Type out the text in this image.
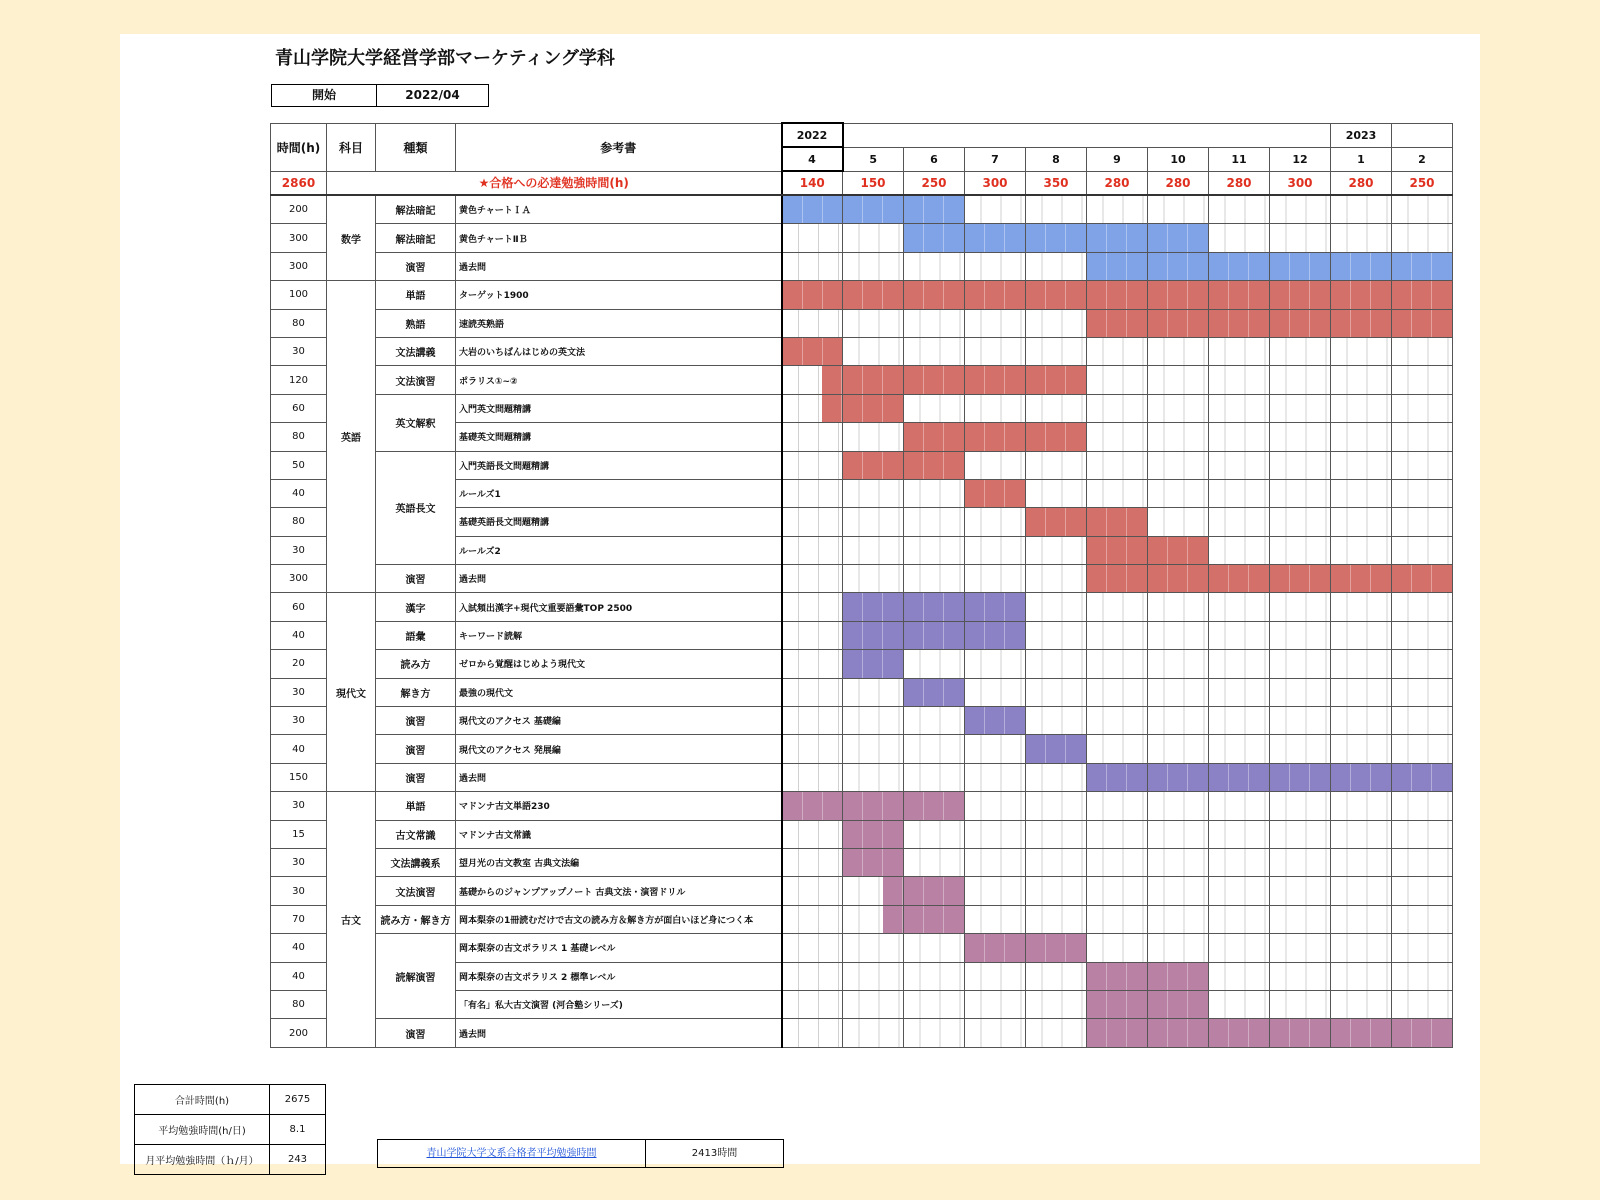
青山学院大学経営学部マーケティング学科
開始	2022/04
時間(h)	科目	種類	参考書	2022									2023	
				4	5	6	7	8	9	10	11	12	1	2
2860	★合格への必達勉強時間(h)			140	150	250	300	350	280	280	280	300	280	250
200	数学	解法暗記	黄色チャートＩＡ	

300		解法暗記	黄色チャートⅡＢ			

300		演習	過去問						

100	英語	単語	ターゲット1900	

80		熟語	速読英熟語						

30		文法講義	大岩のいちばんはじめの英文法	

120		文法演習	ポラリス①~②	

60		英文解釈	入門英文問題精講	

80			基礎英文問題精講			

50		英語長文	入門英語長文問題精講		

40			ルールズ1				

80			基礎英語長文問題精講					

30			ルールズ2						

300		演習	過去問						

60	現代文	漢字	入試頻出漢字+現代文重要語彙TOP 2500		

40		語彙	キーワード読解		

20		読み方	ゼロから覚醒はじめよう現代文		

30		解き方	最強の現代文			

30		演習	現代文のアクセス 基礎編				

40		演習	現代文のアクセス 発展編					

150		演習	過去問						

30	古文	単語	マドンナ古文単語230	

15		古文常識	マドンナ古文常識		

30		文法講義系	望月光の古文教室 古典文法編		

30		文法演習	基礎からのジャンプアップノート 古典文法・演習ドリル		

70		読み方・解き方	岡本梨奈の1冊読むだけで古文の読み方＆解き方が面白いほど身につく本		

40		読解演習	岡本梨奈の古文ポラリス 1 基礎レベル				

40			岡本梨奈の古文ポラリス 2 標準レベル						

80			「有名」私大古文演習 (河合塾シリーズ)						

200		演習	過去問						

合計時間(h)	2675
平均勉強時間(h/日)	8.1
月平均勉強時間（ｈ/月）	243
青山学院大学文系合格者平均勉強時間	2413時間
